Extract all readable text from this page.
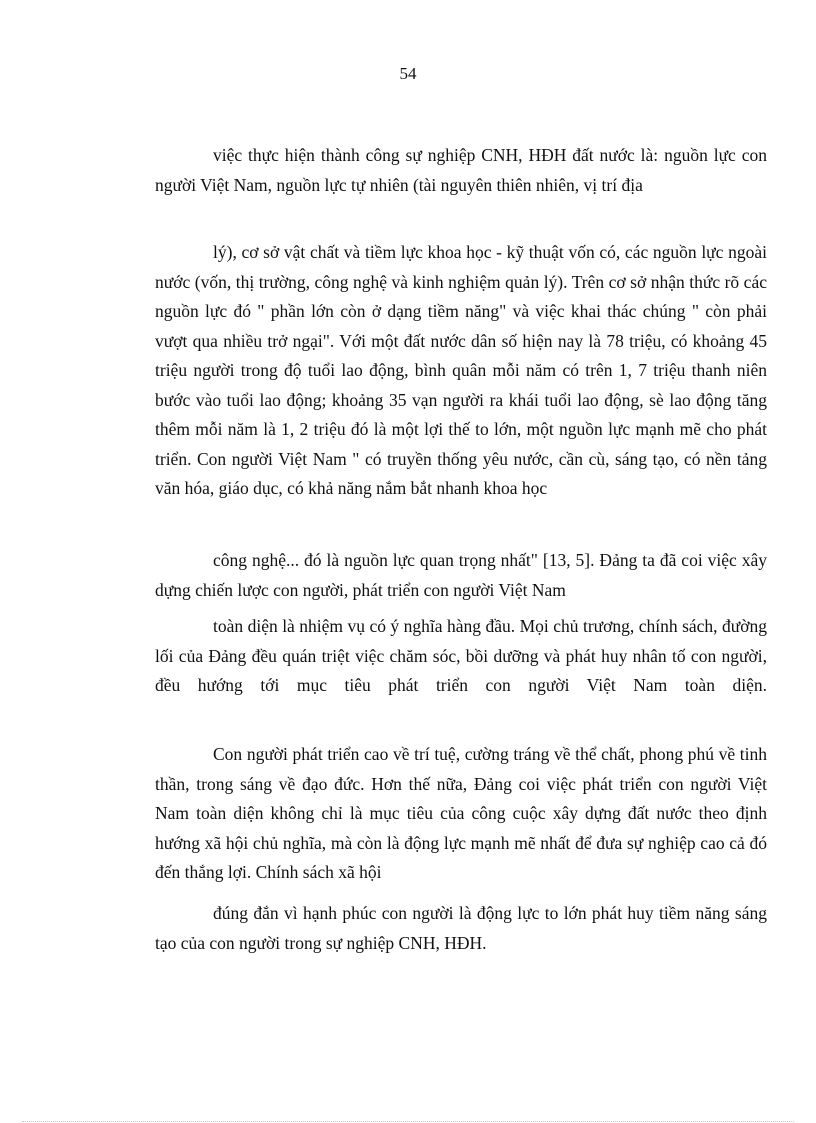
54

việc thực hiện thành công sự nghiệp CNH, HĐH đất nước là: nguồn lực con người Việt Nam, nguồn lực tự nhiên (tài nguyên thiên nhiên, vị trí địa

lý), cơ sở vật chất và tiềm lực khoa học - kỹ thuật vốn có, các nguồn lực ngoài nước (vốn, thị trường, công nghệ và kinh nghiệm quản lý). Trên cơ sở nhận thức rõ các nguồn lực đó " phần lớn còn ở dạng tiềm năng" và việc khai thác chúng " còn phải vượt qua nhiều trở ngại". Với một đất nước dân số hiện nay là 78 triệu, có khoảng 45 triệu người trong độ tuổi lao động, bình quân mỗi năm có trên 1, 7 triệu thanh niên bước vào tuổi lao động; khoảng 35 vạn người ra khái tuổi lao động, sè lao động tăng thêm mỗi năm là 1, 2 triệu đó là một lợi thế to lớn, một nguồn lực mạnh mẽ cho phát triển. Con người Việt Nam " có truyền thống yêu nước, cần cù, sáng tạo, có nền tảng văn hóa, giáo dục, có khả năng nắm bắt nhanh khoa học

công nghệ... đó là nguồn lực quan trọng nhất" [13, 5]. Đảng ta đã coi việc xây dựng chiến lược con người, phát triển con người Việt Nam

toàn diện là nhiệm vụ có ý nghĩa hàng đầu. Mọi chủ trương, chính sách, đường lối của Đảng đều quán triệt việc chăm sóc, bồi dưỡng và phát huy nhân tố con người, đều hướng tới mục tiêu phát triển con người Việt Nam toàn diện.

Con người phát triển cao về trí tuệ, cường tráng về thể chất, phong phú về tinh thần, trong sáng về đạo đức. Hơn thế nữa, Đảng coi việc phát triển con người Việt Nam toàn diện không chỉ là mục tiêu của công cuộc xây dựng đất nước theo định hướng xã hội chủ nghĩa, mà còn là động lực mạnh mẽ nhất để đưa sự nghiệp cao cả đó đến thắng lợi. Chính sách xã hội

đúng đắn vì hạnh phúc con người là động lực to lớn phát huy tiềm năng sáng tạo của con người trong sự nghiệp CNH, HĐH.
